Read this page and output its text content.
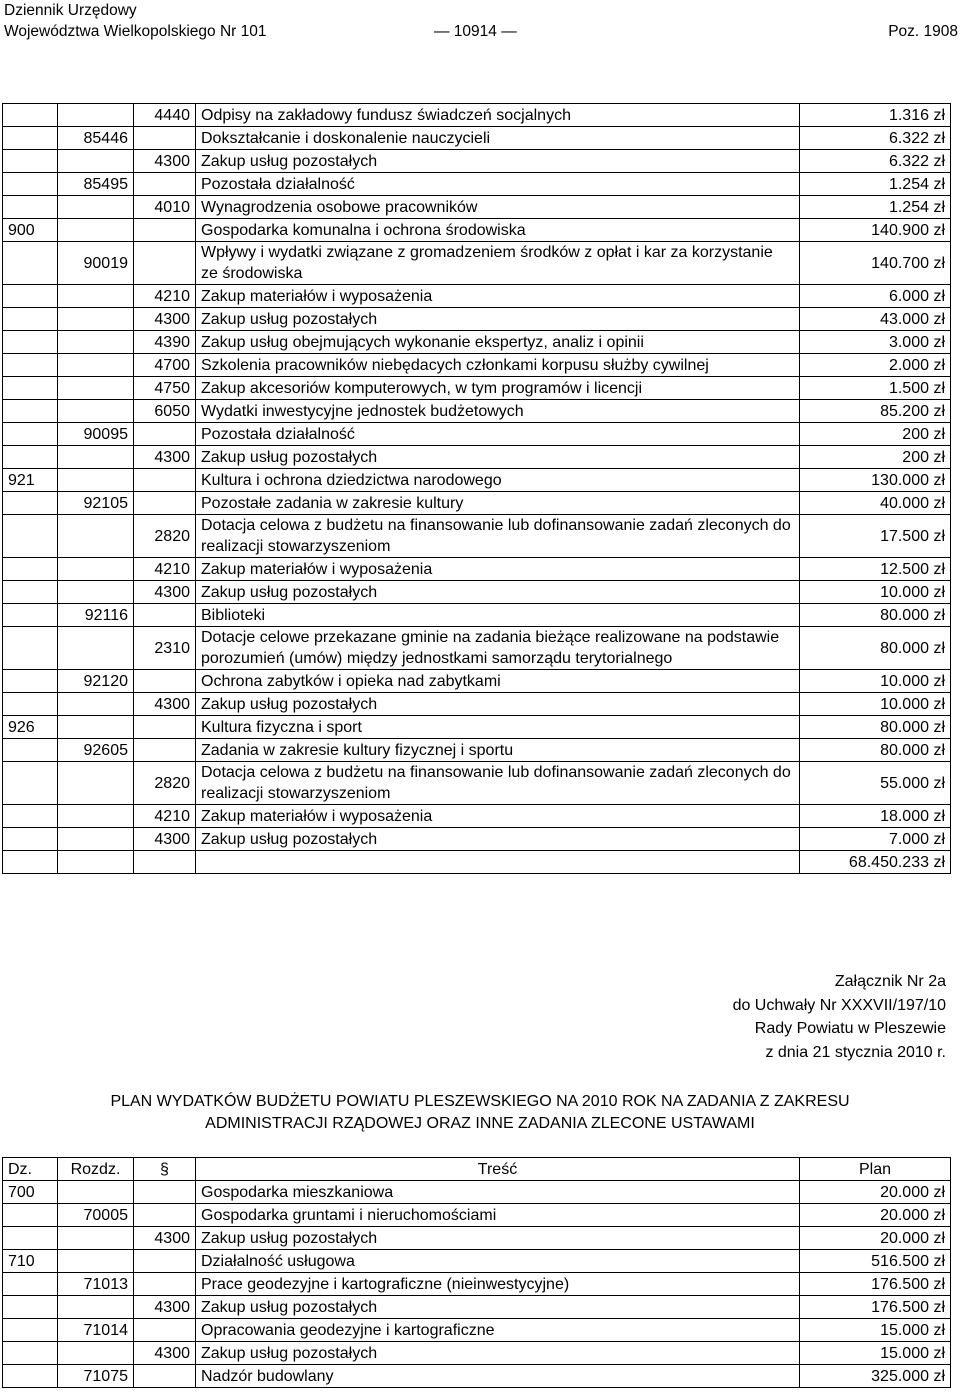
Dziennik Urzędowy
Województwa Wielkopolskiego Nr 101	— 10914 —	Poz. 1908
		4440	Odpisy na zakładowy fundusz świadczeń socjalnych	1.316 zł
	85446		Dokształcanie i doskonalenie nauczycieli	6.322 zł
		4300	Zakup usług pozostałych	6.322 zł
	85495		Pozostała działalność	1.254 zł
		4010	Wynagrodzenia osobowe pracowników	1.254 zł
900			Gospodarka komunalna i ochrona środowiska	140.900 zł
	90019		Wpływy i wydatki związane z gromadzeniem środków z opłat i kar za korzystanie ze środowiska	140.700 zł
		4210	Zakup materiałów i wyposażenia	6.000 zł
		4300	Zakup usług pozostałych	43.000 zł
		4390	Zakup usług obejmujących wykonanie ekspertyz, analiz i opinii	3.000 zł
		4700	Szkolenia pracowników niebędacych członkami korpusu służby cywilnej	2.000 zł
		4750	Zakup akcesoriów komputerowych, w tym programów i licencji	1.500 zł
		6050	Wydatki inwestycyjne jednostek budżetowych	85.200 zł
	90095		Pozostała działalność	200 zł
		4300	Zakup usług pozostałych	200 zł
921			Kultura i ochrona dziedzictwa narodowego	130.000 zł
	92105		Pozostałe zadania w zakresie kultury	40.000 zł
		2820	Dotacja celowa z budżetu na finansowanie lub dofinansowanie zadań zleconych do realizacji stowarzyszeniom	17.500 zł
		4210	Zakup materiałów i wyposażenia	12.500 zł
		4300	Zakup usług pozostałych	10.000 zł
	92116		Biblioteki	80.000 zł
		2310	Dotacje celowe przekazane gminie na zadania bieżące realizowane na podstawie porozumień (umów) między jednostkami samorządu terytorialnego	80.000 zł
	92120		Ochrona zabytków i opieka nad zabytkami	10.000 zł
		4300	Zakup usług pozostałych	10.000 zł
926			Kultura fizyczna i sport	80.000 zł
	92605		Zadania w zakresie kultury fizycznej i sportu	80.000 zł
		2820	Dotacja celowa z budżetu na finansowanie lub dofinansowanie zadań zleconych do realizacji stowarzyszeniom	55.000 zł
		4210	Zakup materiałów i wyposażenia	18.000 zł
		4300	Zakup usług pozostałych	7.000 zł
				68.450.233 zł
Załącznik Nr 2a
do Uchwały Nr XXXVII/197/10
Rady Powiatu w Pleszewie
z dnia 21 stycznia 2010 r.
PLAN WYDATKÓW BUDŻETU POWIATU PLESZEWSKIEGO NA 2010 ROK NA ZADANIA Z ZAKRESU
ADMINISTRACJI RZĄDOWEJ ORAZ INNE ZADANIA ZLECONE USTAWAMI
Dz.	Rozdz.	§	Treść	Plan
700			Gospodarka mieszkaniowa	20.000 zł
	70005		Gospodarka gruntami i nieruchomościami	20.000 zł
		4300	Zakup usług pozostałych	20.000 zł
710			Działalność usługowa	516.500 zł
	71013		Prace geodezyjne i kartograficzne (nieinwestycyjne)	176.500 zł
		4300	Zakup usług pozostałych	176.500 zł
	71014		Opracowania geodezyjne i kartograficzne	15.000 zł
		4300	Zakup usług pozostałych	15.000 zł
	71075		Nadzór budowlany	325.000 zł
